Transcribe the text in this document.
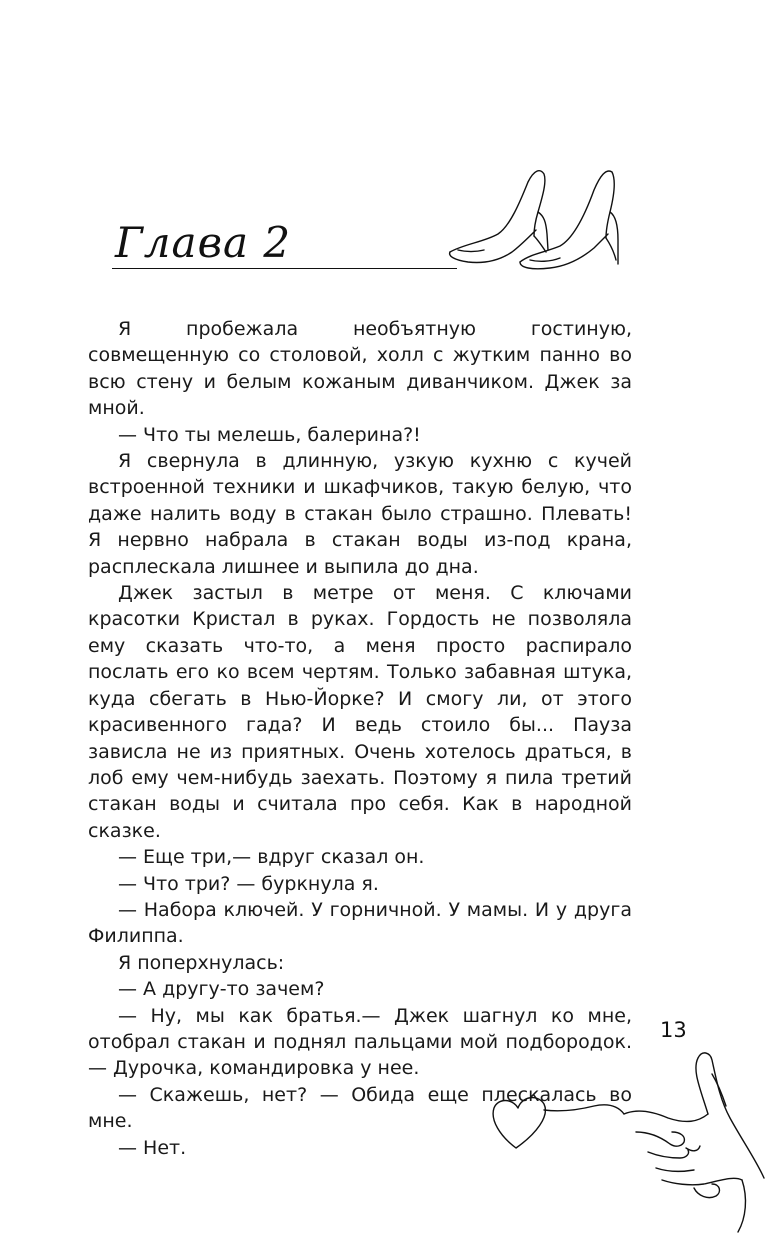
Глава 2

Я пробежала необъятную гостиную, совмещенную со столовой, холл с жутким панно во всю стену и белым кожаным диванчиком. Джек за мной.

— Что ты мелешь, балерина?!

Я свернула в длинную, узкую кухню с кучей встроенной техники и шкафчиков, такую белую, что даже налить воду в стакан было страшно. Плевать! Я нервно набрала в стакан воды из-под крана, расплескала лишнее и выпила до дна.

Джек застыл в метре от меня. С ключами красотки Кристал в руках. Гордость не позволяла ему сказать что-то, а меня просто распирало послать его ко всем чертям. Только забавная штука, куда сбегать в Нью-Йорке? И смогу ли, от этого красивенного гада? И ведь стоило бы... Пауза зависла не из приятных. Очень хотелось драться, в лоб ему чем-нибудь заехать. Поэтому я пила третий стакан воды и считала про себя. Как в народной сказке.

— Еще три,— вдруг сказал он.

— Что три? — буркнула я.

— Набора ключей. У горничной. У мамы. И у друга Филиппа.

Я поперхнулась:

— А другу-то зачем?

— Ну, мы как братья.— Джек шагнул ко мне, отобрал стакан и поднял пальцами мой подбородок.— Дурочка, командировка у нее.

— Скажешь, нет? — Обида еще плескалась во мне.

— Нет.

13
